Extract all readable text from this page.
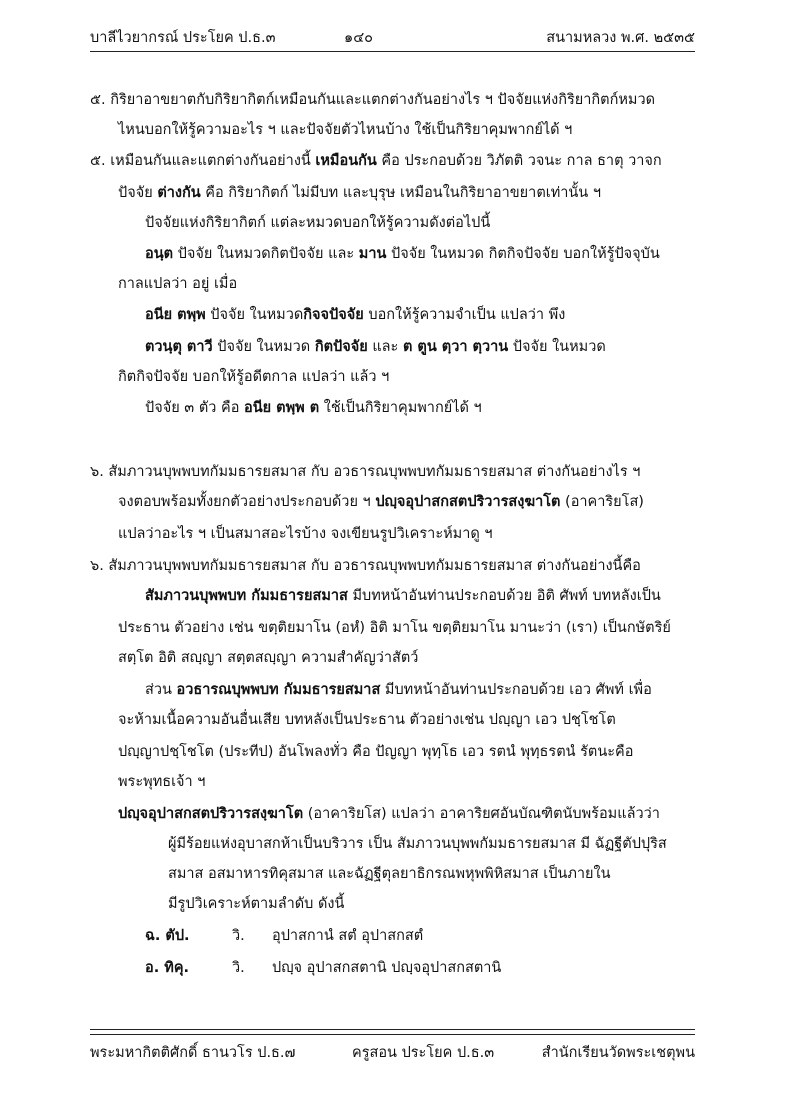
บาลีไวยากรณ์ ประโยค ป.ธ.๓	๑๔๐	สนามหลวง พ.ศ. ๒๕๓๕
๕. กิริยาอาขยาตกับกิริยากิตก์เหมือนกันและแตกต่างกันอย่างไร ฯ ปัจจัยแห่งกิริยากิตก์หมวด
ไหนบอกให้รู้ความอะไร ฯ และปัจจัยตัวไหนบ้าง ใช้เป็นกิริยาคุมพากย์ได้ ฯ
๕. เหมือนกันและแตกต่างกันอย่างนี้ เหมือนกัน คือ ประกอบด้วย วิภัตติ วจนะ กาล ธาตุ วาจก
ปัจจัย ต่างกัน คือ กิริยากิตก์ ไม่มีบท และบุรุษ เหมือนในกิริยาอาขยาตเท่านั้น ฯ
ปัจจัยแห่งกิริยากิตก์ แต่ละหมวดบอกให้รู้ความดังต่อไปนี้
อนฺต ปัจจัย ในหมวดกิตปัจจัย และ มาน ปัจจัย ในหมวด กิตกิจปัจจัย บอกให้รู้ปัจจุบัน
กาลแปลว่า อยู่ เมื่อ
อนีย ตพฺพ ปัจจัย ในหมวดกิจจปัจจัย บอกให้รู้ความจำเป็น แปลว่า พึง
ตวนฺตุ ตาวี ปัจจัย ในหมวด กิตปัจจัย และ ต ตูน ตฺวา ตฺวาน ปัจจัย ในหมวด
กิตกิจปัจจัย บอกให้รู้อดีตกาล แปลว่า แล้ว ฯ
ปัจจัย ๓ ตัว คือ อนีย ตพฺพ ต ใช้เป็นกิริยาคุมพากย์ได้ ฯ
๖. สัมภาวนบุพพบทกัมมธารยสมาส กับ อวธารณบุพพบทกัมมธารยสมาส ต่างกันอย่างไร ฯ
จงตอบพร้อมทั้งยกตัวอย่างประกอบด้วย ฯ ปญฺจอุปาสกสตปริวารสงฺฆาโต (อาคาริยโส)
แปลว่าอะไร ฯ เป็นสมาสอะไรบ้าง จงเขียนรูปวิเคราะห์มาดู ฯ
๖. สัมภาวนบุพพบทกัมมธารยสมาส กับ อวธารณบุพพบทกัมมธารยสมาส ต่างกันอย่างนี้คือ
สัมภาวนบุพพบท กัมมธารยสมาส มีบทหน้าอันท่านประกอบด้วย อิติ ศัพท์ บทหลังเป็น
ประธาน ตัวอย่าง เช่น ขตฺติยมาโน (อหํ) อิติ มาโน ขตฺติยมาโน มานะว่า (เรา) เป็นกษัตริย์
สตฺโต อิติ สญฺญา สตฺตสญฺญา ความสำคัญว่าสัตว์
ส่วน อวธารณบุพพบท กัมมธารยสมาส มีบทหน้าอันท่านประกอบด้วย เอว ศัพท์ เพื่อ
จะห้ามเนื้อความอันอื่นเสีย บทหลังเป็นประธาน ตัวอย่างเช่น ปญฺญา เอว ปชฺโชโต
ปญฺญาปชฺโชโต (ประทีป) อันโพลงทั่ว คือ ปัญญา พุทฺโธ เอว รตนํ พุทฺธรตนํ รัตนะคือ
พระพุทธเจ้า ฯ
ปญฺจอุปาสกสตปริวารสงฺฆาโต (อาคาริยโส) แปลว่า อาคาริยศอันบัณฑิตนับพร้อมแล้วว่า
ผู้มีร้อยแห่งอุบาสกห้าเป็นบริวาร เป็น สัมภาวนบุพพกัมมธารยสมาส มี ฉัฏฐีตัปปุริส
สมาส อสมาหารทิคุสมาส และฉัฏฐีตุลยาธิกรณพหุพพิหิสมาส เป็นภายใน
มีรูปวิเคราะห์ตามลำดับ ดังนี้
ฉ. ตัป.	วิ. อุปาสกานํ สตํ อุปาสกสตํ
อ. ทิคุ.	วิ. ปญฺจ อุปาสกสตานิ ปญฺจอุปาสกสตานิ
พระมหากิตติศักดิ์ ธานวโร ป.ธ.๗	ครูสอน ประโยค ป.ธ.๓	สำนักเรียนวัดพระเชตุพน
